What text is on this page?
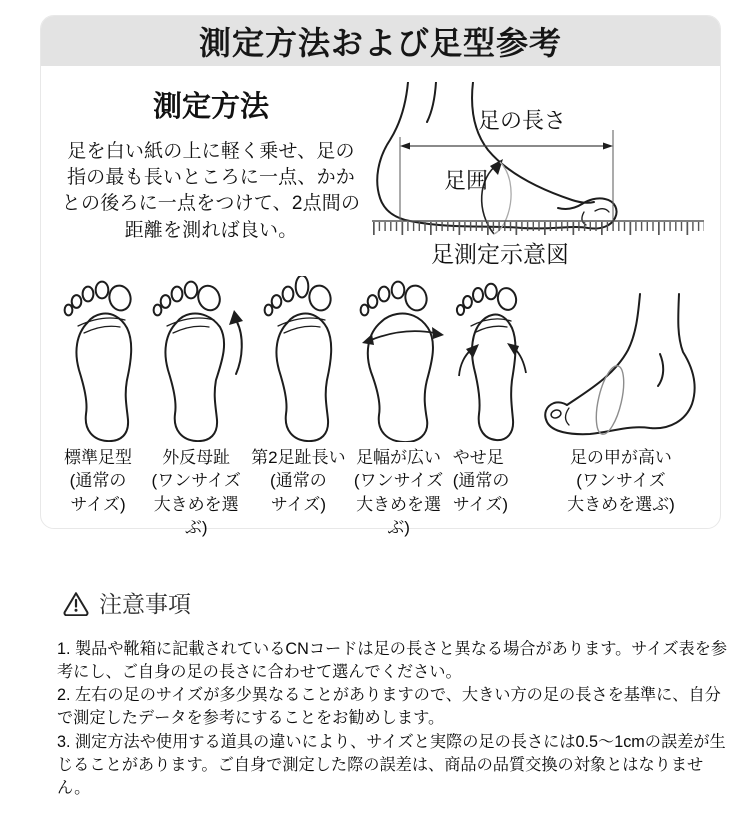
測定方法および足型参考
測定方法

足を白い紙の上に軽く乗せ、足の指の最も長いところに一点、かかとの後ろに一点をつけて、2点間の距離を測れば良い。

足の長さ
足囲
足測定示意図
標準足型
(通常の
サイズ)
外反母趾
(ワンサイズ
大きめを選ぶ)
第2足趾長い
(通常の
サイズ)
足幅が広い
(ワンサイズ
大きめを選ぶ)
やせ足
(通常の
サイズ)
足の甲が高い
(ワンサイズ
大きめを選ぶ)
注意事項

1. 製品や靴箱に記載されているCNコードは足の長さと異なる場合があります。サイズ表を参考にし、ご自身の足の長さに合わせて選んでください。

2. 左右の足のサイズが多少異なることがありますので、大きい方の足の長さを基準に、自分で測定したデータを参考にすることをお勧めします。

3. 測定方法や使用する道具の違いにより、サイズと実際の足の長さには0.5〜1cmの誤差が生じることがあります。ご自身で測定した際の誤差は、商品の品質交換の対象とはなりません。
